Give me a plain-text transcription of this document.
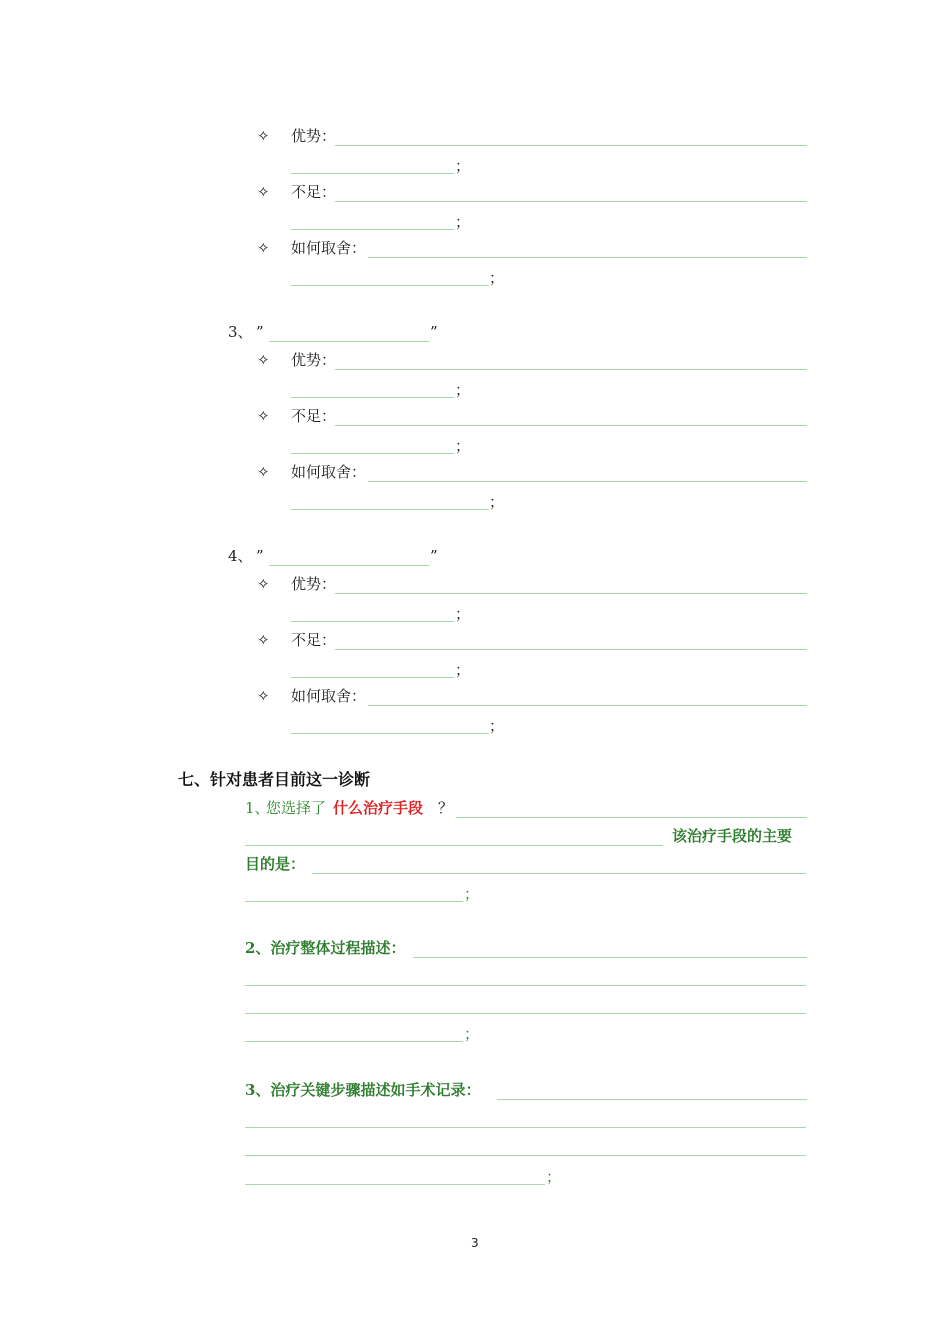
✧ 优势：
；
✧ 不足：
；
✧ 如何取舍：
；
3、 ”	”
✧ 优势：
；
✧ 不足：
；
✧ 如何取舍：
；
4、 ”	”
✧ 优势：
；
✧ 不足：
；
✧ 如何取舍：
；
七、针对患者目前这一诊断
1、
您选择了 什么治疗手段 ？
该治疗手段的主要
目的是：
；
2、治疗整体过程描述：
；
3、治疗关键步骤描述如手术记录：
；
3
